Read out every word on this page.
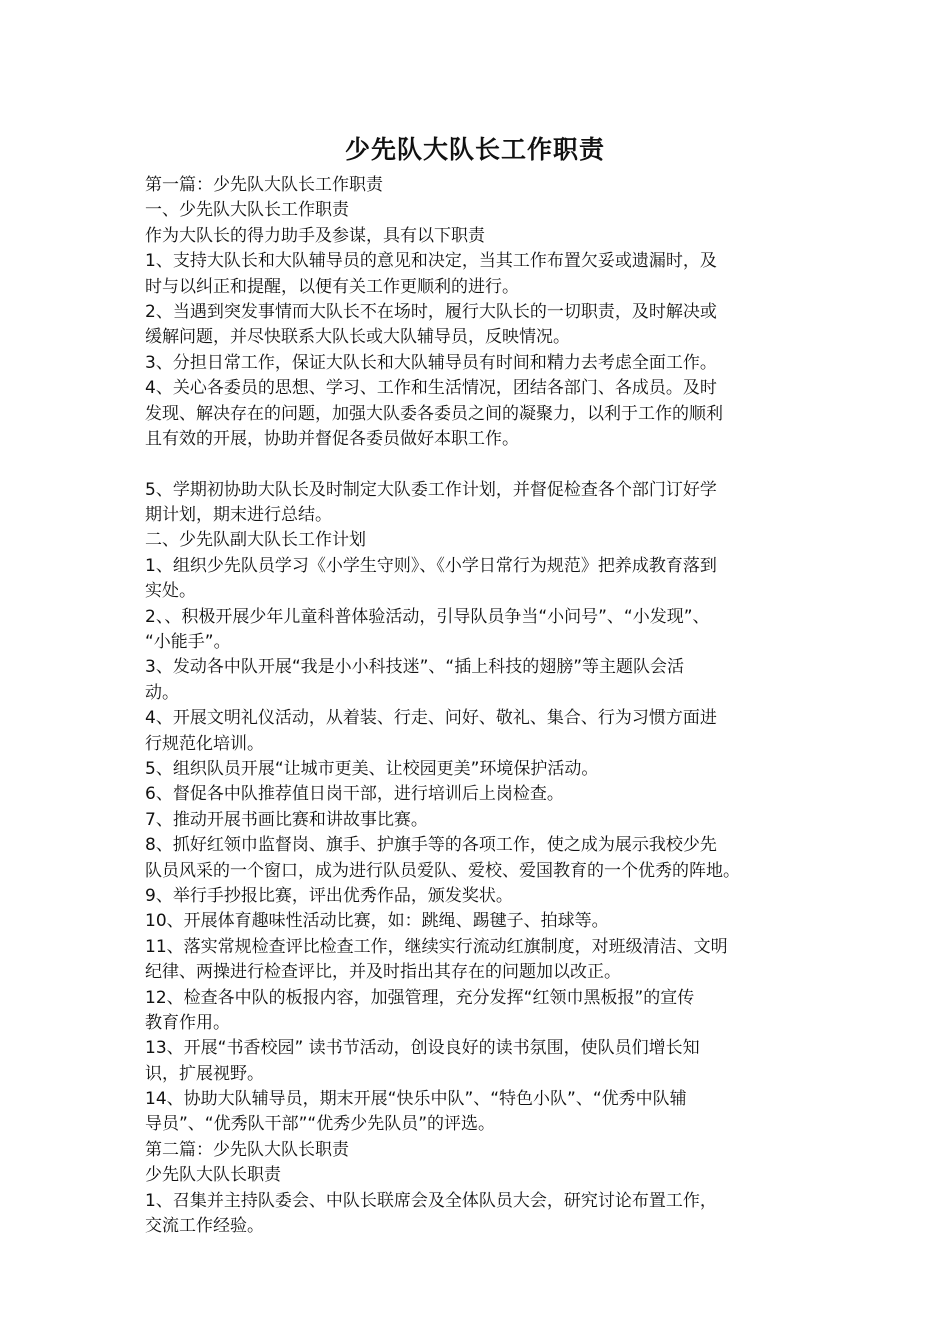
少先队大队长工作职责
第一篇：少先队大队长工作职责
一、少先队大队长工作职责
作为大队长的得力助手及参谋，具有以下职责
1、支持大队长和大队辅导员的意见和决定，当其工作布置欠妥或遗漏时，及
时与以纠正和提醒，以便有关工作更顺利的进行。
2、当遇到突发事情而大队长不在场时，履行大队长的一切职责，及时解决或
缓解问题，并尽快联系大队长或大队辅导员，反映情况。
3、分担日常工作，保证大队长和大队辅导员有时间和精力去考虑全面工作。
4、关心各委员的思想、学习、工作和生活情况，团结各部门、各成员。及时
发现、解决存在的问题，加强大队委各委员之间的凝聚力，以利于工作的顺利
且有效的开展，协助并督促各委员做好本职工作。
5、学期初协助大队长及时制定大队委工作计划，并督促检查各个部门订好学
期计划，期末进行总结。
二、少先队副大队长工作计划
1、组织少先队员学习《小学生守则》、《小学日常行为规范》把养成教育落到
实处。
2、、积极开展少年儿童科普体验活动，引导队员争当“小问号”、“小发现”、
“小能手”。
3、发动各中队开展“我是小小科技迷”、“插上科技的翅膀”等主题队会活
动。
4、开展文明礼仪活动，从着装、行走、问好、敬礼、集合、行为习惯方面进
行规范化培训。
5、组织队员开展“让城市更美、让校园更美”环境保护活动。
6、督促各中队推荐值日岗干部，进行培训后上岗检查。
7、推动开展书画比赛和讲故事比赛。
8、抓好红领巾监督岗、旗手、护旗手等的各项工作，使之成为展示我校少先
队员风采的一个窗口，成为进行队员爱队、爱校、爱国教育的一个优秀的阵地。
9、举行手抄报比赛，评出优秀作品，颁发奖状。
10、开展体育趣味性活动比赛，如：跳绳、踢毽子、拍球等。
11、落实常规检查评比检查工作，继续实行流动红旗制度，对班级清洁、文明
纪律、两操进行检查评比，并及时指出其存在的问题加以改正。
12、检查各中队的板报内容，加强管理，充分发挥“红领巾黑板报”的宣传
教育作用。
13、开展“书香校园” 读书节活动，创设良好的读书氛围，使队员们增长知
识，扩展视野。
14、协助大队辅导员，期末开展“快乐中队”、“特色小队”、“优秀中队辅
导员”、“优秀队干部”“优秀少先队员”的评选。
第二篇：少先队大队长职责
少先队大队长职责
1、召集并主持队委会、中队长联席会及全体队员大会，研究讨论布置工作，
交流工作经验。
